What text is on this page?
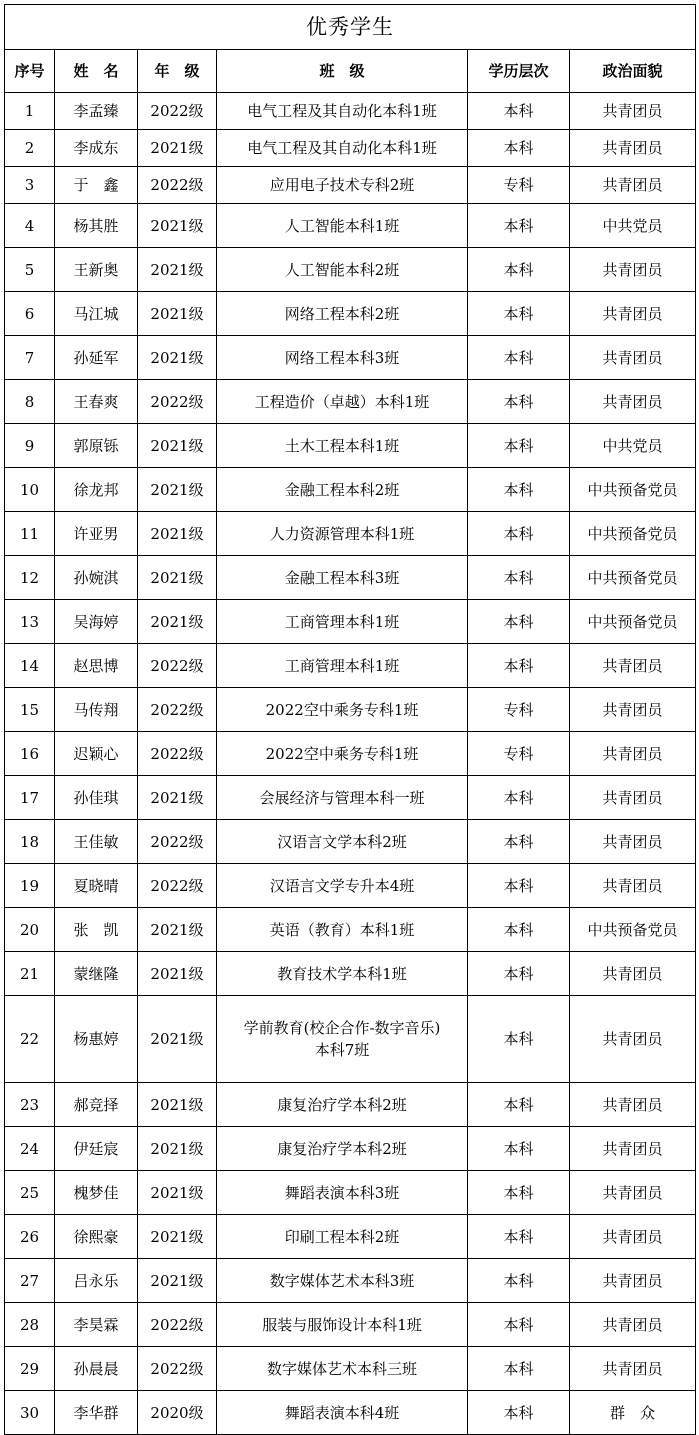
优秀学生					
序号	姓　名	年　级	班　级	学历层次	政治面貌
1	李孟臻	2022级	电气工程及其自动化本科1班	本科	共青团员
2	李成东	2021级	电气工程及其自动化本科1班	本科	共青团员
3	于　鑫	2022级	应用电子技术专科2班	专科	共青团员
4	杨其胜	2021级	人工智能本科1班	本科	中共党员
5	王新奥	2021级	人工智能本科2班	本科	共青团员
6	马江城	2021级	网络工程本科2班	本科	共青团员
7	孙延军	2021级	网络工程本科3班	本科	共青团员
8	王春爽	2022级	工程造价（卓越）本科1班	本科	共青团员
9	郭原铄	2021级	土木工程本科1班	本科	中共党员
10	徐龙邦	2021级	金融工程本科2班	本科	中共预备党员
11	许亚男	2021级	人力资源管理本科1班	本科	中共预备党员
12	孙婉淇	2021级	金融工程本科3班	本科	中共预备党员
13	吴海婷	2021级	工商管理本科1班	本科	中共预备党员
14	赵思博	2022级	工商管理本科1班	本科	共青团员
15	马传翔	2022级	2022空中乘务专科1班	专科	共青团员
16	迟颖心	2022级	2022空中乘务专科1班	专科	共青团员
17	孙佳琪	2021级	会展经济与管理本科一班	本科	共青团员
18	王佳敏	2022级	汉语言文学本科2班	本科	共青团员
19	夏晓晴	2022级	汉语言文学专升本4班	本科	共青团员
20	张　凯	2021级	英语（教育）本科1班	本科	中共预备党员
21	蒙继隆	2021级	教育技术学本科1班	本科	共青团员
22	杨惠婷	2021级	学前教育(校企合作-数字音乐)
本科7班	本科	共青团员
23	郝竞择	2021级	康复治疗学本科2班	本科	共青团员
24	伊廷宸	2021级	康复治疗学本科2班	本科	共青团员
25	槐梦佳	2021级	舞蹈表演本科3班	本科	共青团员
26	徐熙豪	2021级	印刷工程本科2班	本科	共青团员
27	吕永乐	2021级	数字媒体艺术本科3班	本科	共青团员
28	李昊霖	2022级	服装与服饰设计本科1班	本科	共青团员
29	孙晨晨	2022级	数字媒体艺术本科三班	本科	共青团员
30	李华群	2020级	舞蹈表演本科4班	本科	群　众
